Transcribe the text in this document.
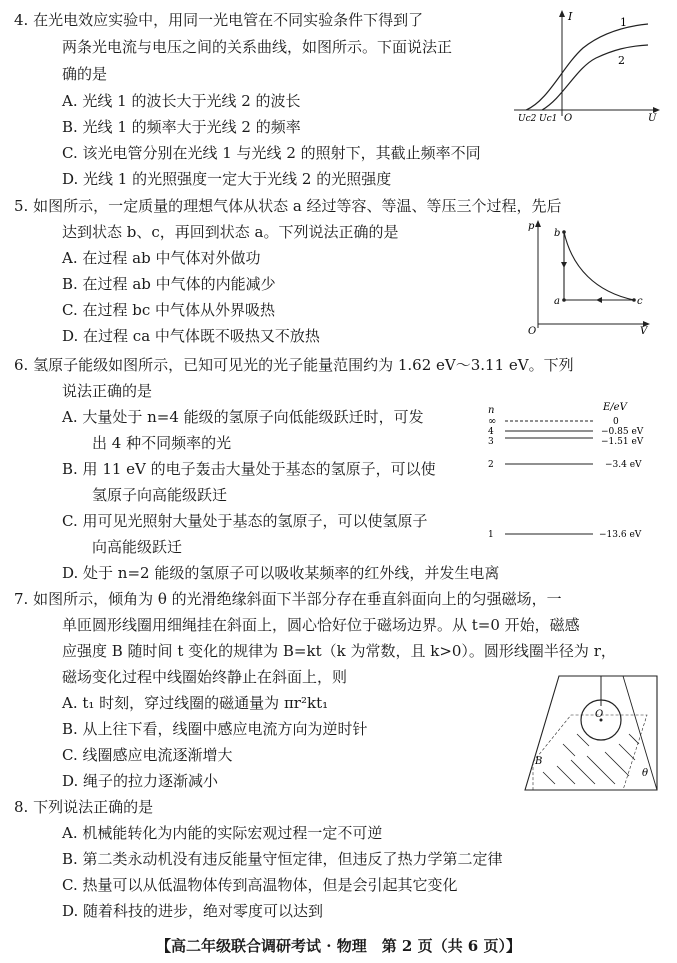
4. 在光电效应实验中，用同一光电管在不同实验条件下得到了
两条光电流与电压之间的关系曲线，如图所示。下面说法正
确的是
A. 光线 1 的波长大于光线 2 的波长
B. 光线 1 的频率大于光线 2 的频率
C. 该光电管分别在光线 1 与光线 2 的照射下，其截止频率不同
D. 光线 1 的光照强度一定大于光线 2 的光照强度
I	1
2
Uc2 Uc1 O	U
5. 如图所示，一定质量的理想气体从状态 a 经过等容、等温、等压三个过程，先后
达到状态 b、c，再回到状态 a。下列说法正确的是
A. 在过程 ab 中气体对外做功
B. 在过程 ab 中气体的内能减少
C. 在过程 bc 中气体从外界吸热
D. 在过程 ca 中气体既不吸热又不放热
p
V
O
a
b
c
6. 氢原子能级如图所示，已知可见光的光子能量范围约为 1.62 eV～3.11 eV。下列
说法正确的是
A. 大量处于 n=4 能级的氢原子向低能级跃迁时，可发
出 4 种不同频率的光
B. 用 11 eV 的电子轰击大量处于基态的氢原子，可以使
氢原子向高能级跃迁
C. 用可见光照射大量处于基态的氢原子，可以使氢原子
向高能级跃迁
D. 处于 n=2 能级的氢原子可以吸收某频率的红外线，并发生电离
n	E/eV
∞	0
4	−0.85 eV
3	−1.51 eV
2	−3.4 eV
1	−13.6 eV
7. 如图所示，倾角为 θ 的光滑绝缘斜面下半部分存在垂直斜面向上的匀强磁场，一
单匝圆形线圈用细绳挂在斜面上，圆心恰好位于磁场边界。从 t=0 开始，磁感
应强度 B 随时间 t 变化的规律为 B=kt（k 为常数，且 k>0）。圆形线圈半径为 r，
磁场变化过程中线圈始终静止在斜面上，则
A. t₁ 时刻，穿过线圈的磁通量为 πr²kt₁
B. 从上往下看，线圈中感应电流方向为逆时针
C. 线圈感应电流逐渐增大
D. 绳子的拉力逐渐减小
O
B
θ
8. 下列说法正确的是
A. 机械能转化为内能的实际宏观过程一定不可逆
B. 第二类永动机没有违反能量守恒定律，但违反了热力学第二定律
C. 热量可以从低温物体传到高温物体，但是会引起其它变化
D. 随着科技的进步，绝对零度可以达到
【高二年级联合调研考试 · 物理　第 2 页（共 6 页）】
